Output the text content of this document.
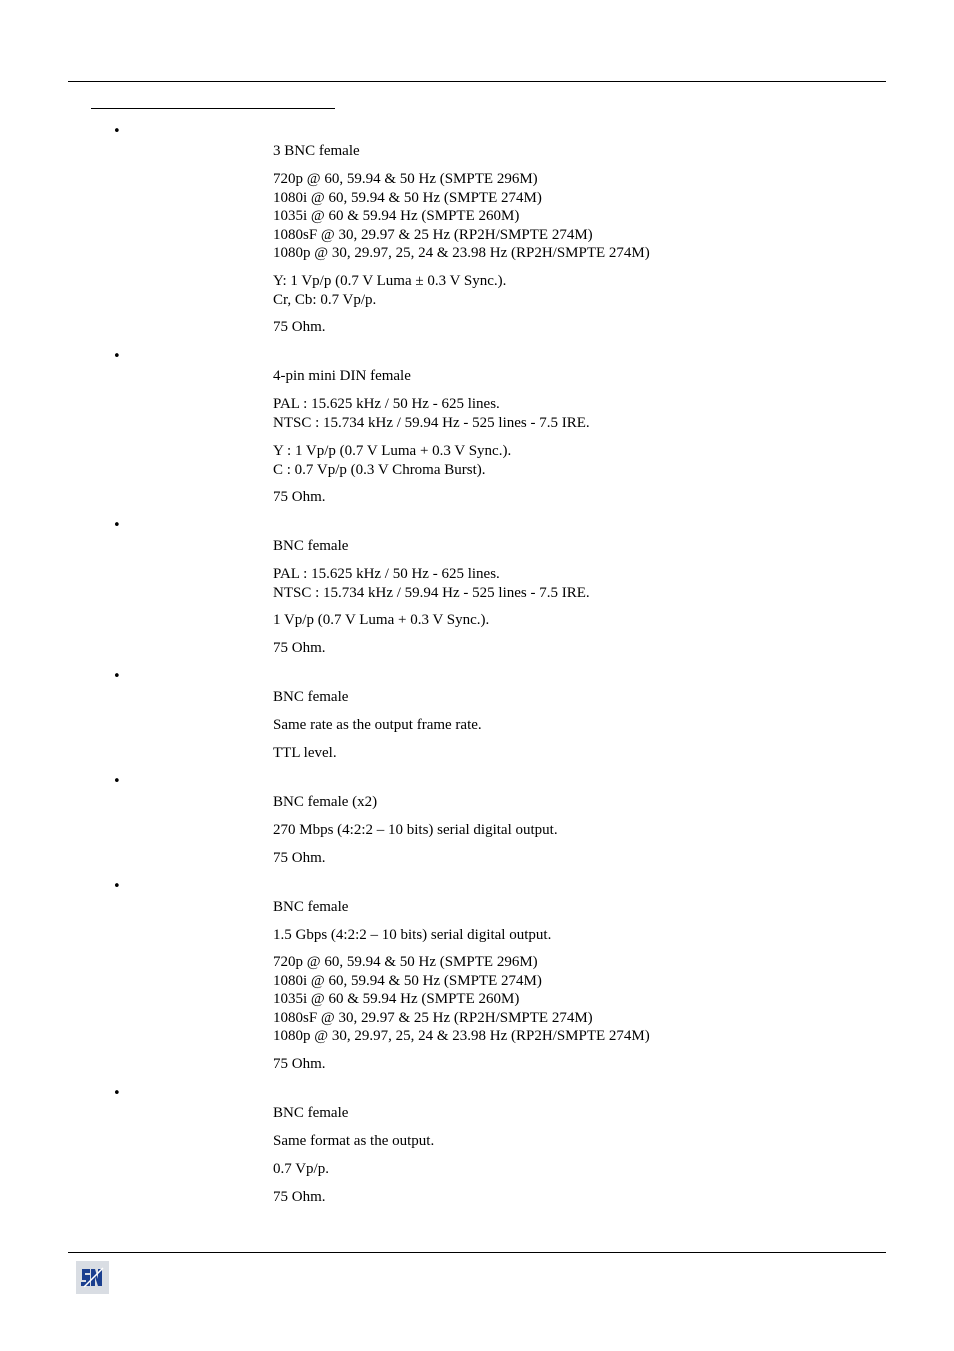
•
3 BNC female
720p @ 60, 59.94 & 50 Hz (SMPTE 296M)
1080i @ 60, 59.94 & 50 Hz (SMPTE 274M)
1035i @ 60 & 59.94 Hz (SMPTE 260M)
1080sF @ 30, 29.97 & 25 Hz (RP2H/SMPTE 274M)
1080p @ 30, 29.97, 25, 24 & 23.98 Hz (RP2H/SMPTE 274M)
Y: 1 Vp/p (0.7 V Luma ± 0.3 V Sync.).
Cr, Cb: 0.7 Vp/p.
75 Ohm.
•
4-pin mini DIN female
PAL : 15.625 kHz / 50 Hz - 625 lines.
NTSC : 15.734 kHz / 59.94 Hz - 525 lines - 7.5 IRE.
Y : 1 Vp/p (0.7 V Luma + 0.3 V Sync.).
C : 0.7 Vp/p (0.3 V Chroma Burst).
75 Ohm.
•
BNC female
PAL : 15.625 kHz / 50 Hz - 625 lines.
NTSC : 15.734 kHz / 59.94 Hz - 525 lines - 7.5 IRE.
1 Vp/p (0.7 V Luma + 0.3 V Sync.).
75 Ohm.
•
BNC female
Same rate as the output frame rate.
TTL level.
•
BNC female (x2)
270 Mbps (4:2:2 – 10 bits) serial digital output.
75 Ohm.
•
BNC female
1.5 Gbps (4:2:2 – 10 bits) serial digital output.
720p @ 60, 59.94 & 50 Hz (SMPTE 296M)
1080i @ 60, 59.94 & 50 Hz (SMPTE 274M)
1035i @ 60 & 59.94 Hz (SMPTE 260M)
1080sF @ 30, 29.97 & 25 Hz (RP2H/SMPTE 274M)
1080p @ 30, 29.97, 25, 24 & 23.98 Hz (RP2H/SMPTE 274M)
75 Ohm.
•
BNC female
Same format as the output.
0.7 Vp/p.
75 Ohm.
